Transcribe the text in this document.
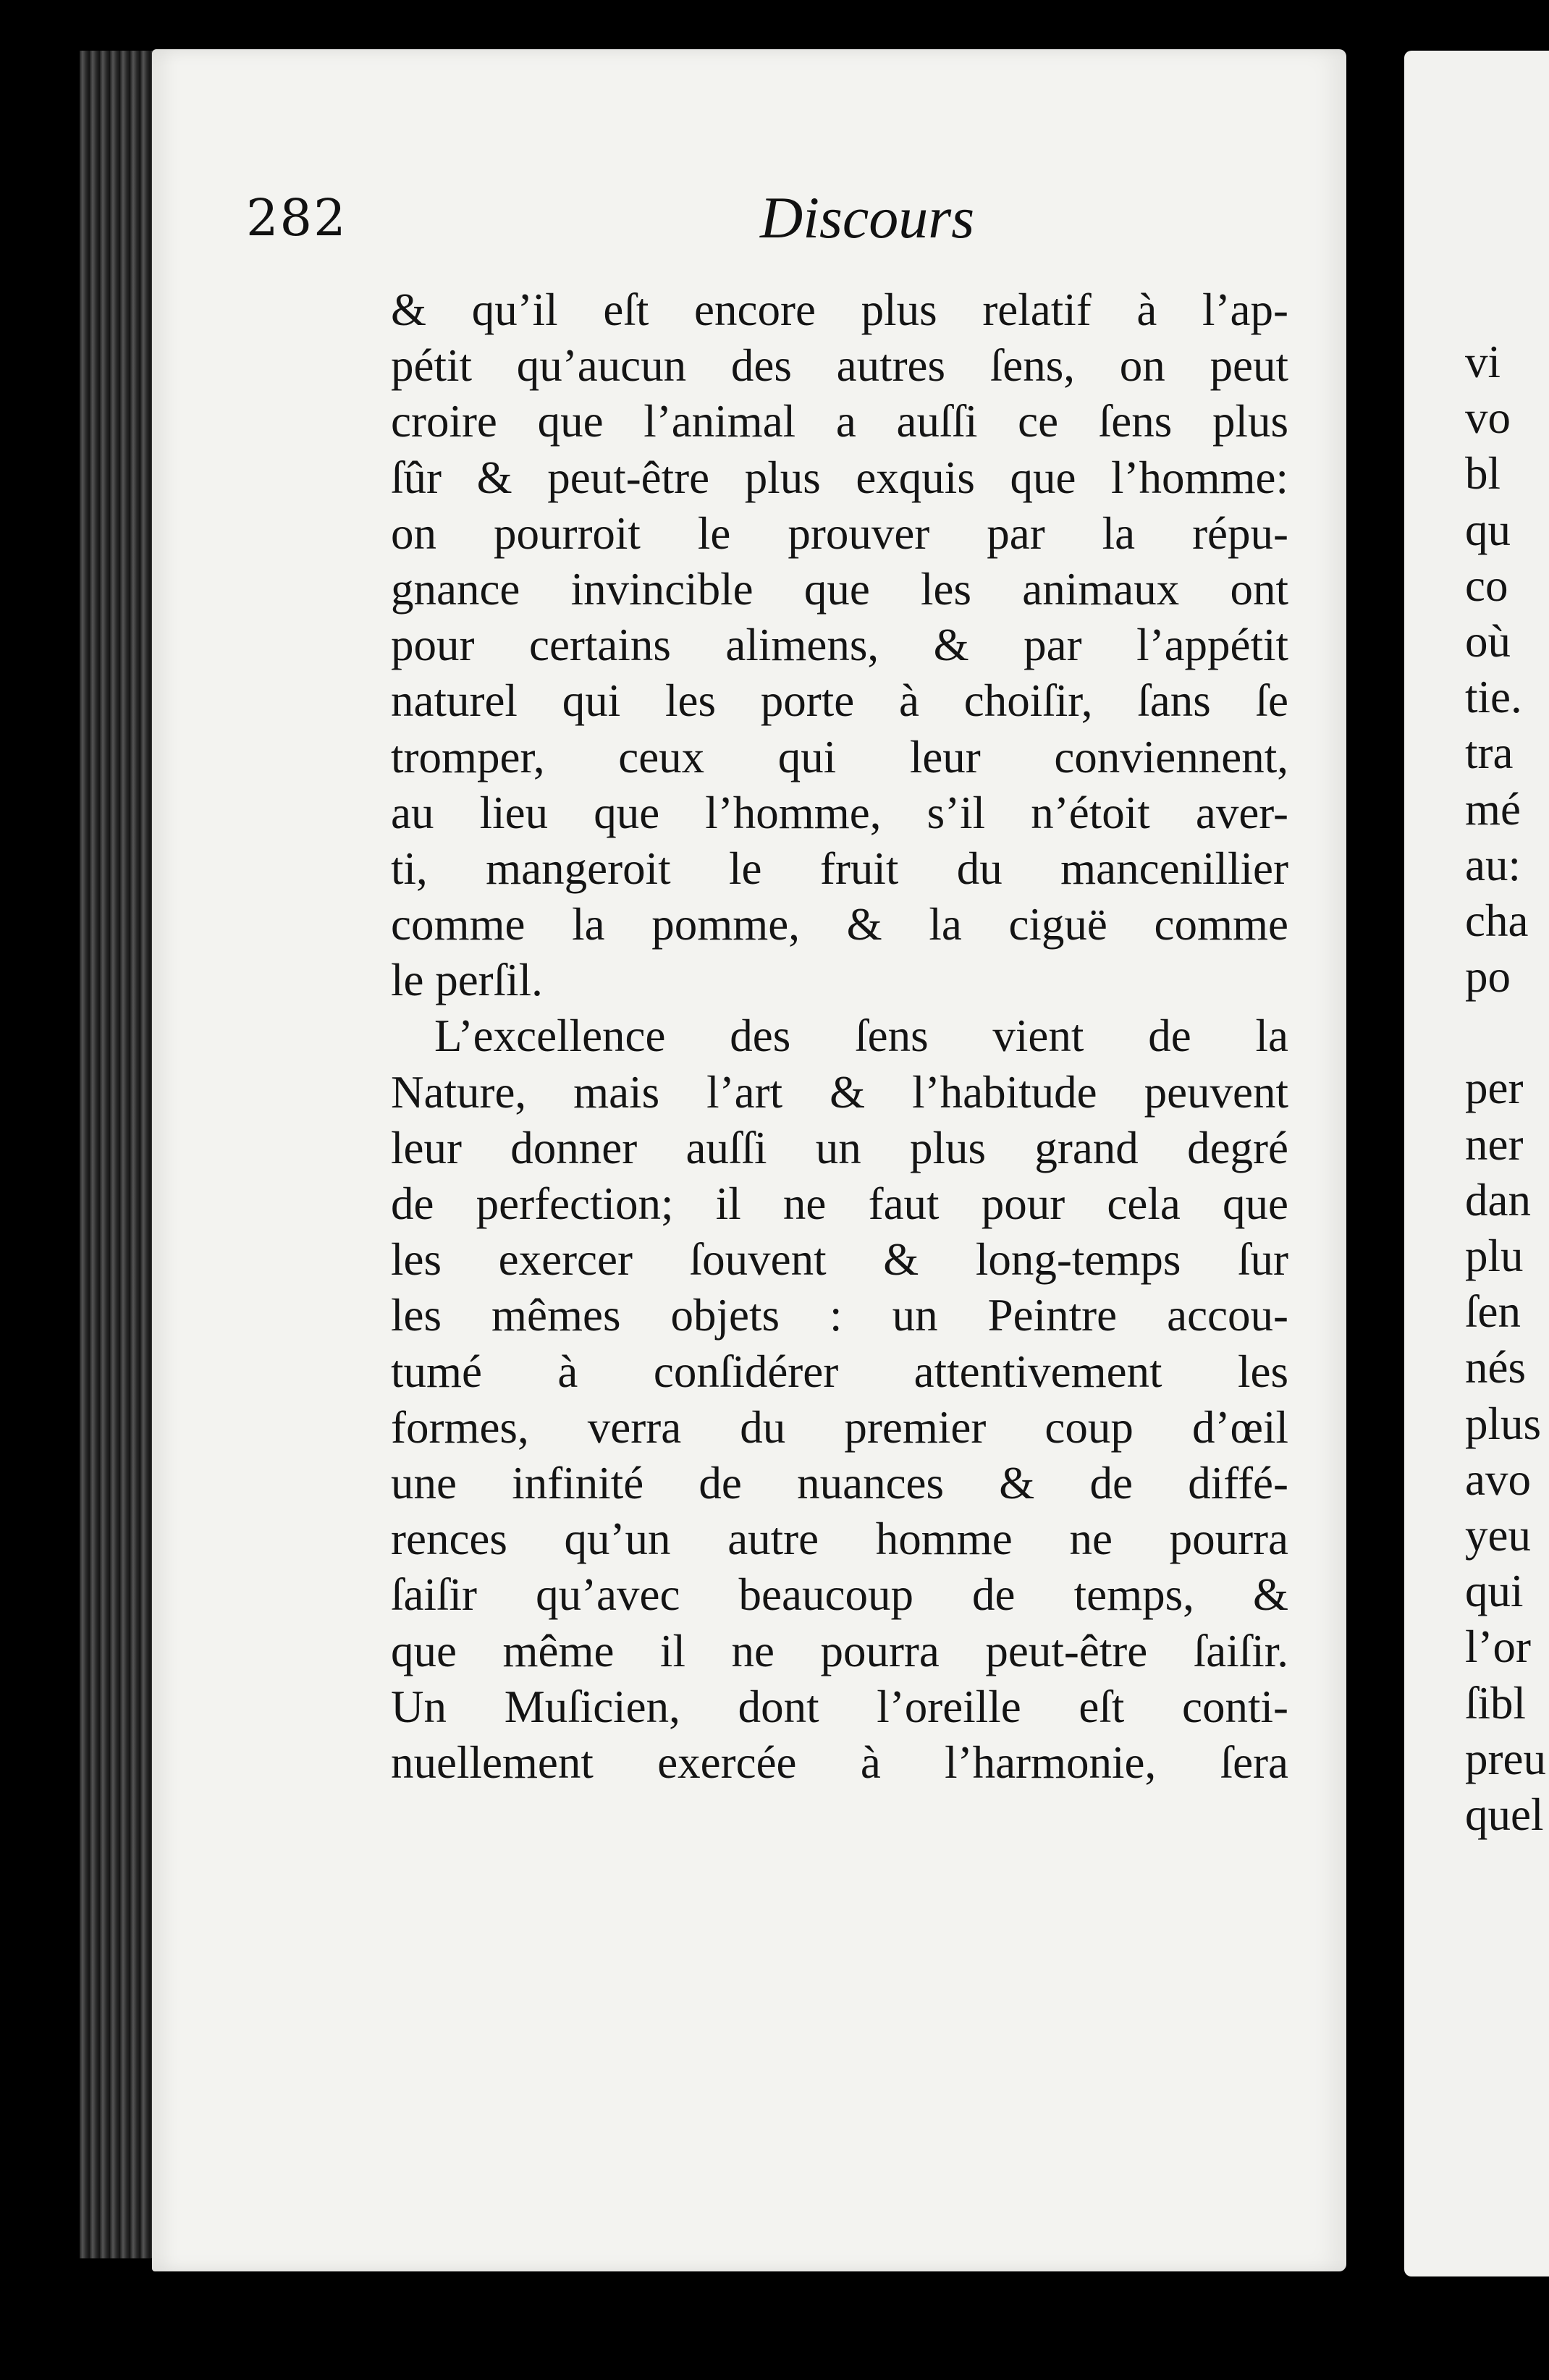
vi
vo
bl
qu
co
où
tie.
tra
mé
au:
cha
po
per
ner
dan
plu
ſen
nés
plus
avo
yeu
qui
l’or
ſibl
preu
quel
282	Discours
& qu’il eſt encore plus relatif à l’ap-
pétit qu’aucun des autres ſens, on peut
croire que l’animal a auſſi ce ſens plus
ſûr & peut-être plus exquis que l’homme:
on pourroit le prouver par la répu-
gnance invincible que les animaux ont
pour certains alimens, & par l’appétit
naturel qui les porte à choiſir, ſans ſe
tromper, ceux qui leur conviennent,
au lieu que l’homme, s’il n’étoit aver-
ti, mangeroit le fruit du mancenillier
comme la pomme, & la ciguë comme
le perſil.
L’excellence des ſens vient de la
Nature, mais l’art & l’habitude peuvent
leur donner auſſi un plus grand degré
de perfection; il ne faut pour cela que
les exercer ſouvent & long-temps ſur
les mêmes objets : un Peintre accou-
tumé à conſidérer attentivement les
formes, verra du premier coup d’œil
une infinité de nuances & de diffé-
rences qu’un autre homme ne pourra
ſaiſir qu’avec beaucoup de temps, &
que même il ne pourra peut-être ſaiſir.
Un Muſicien, dont l’oreille eſt conti-
nuellement exercée à l’harmonie, ſera
